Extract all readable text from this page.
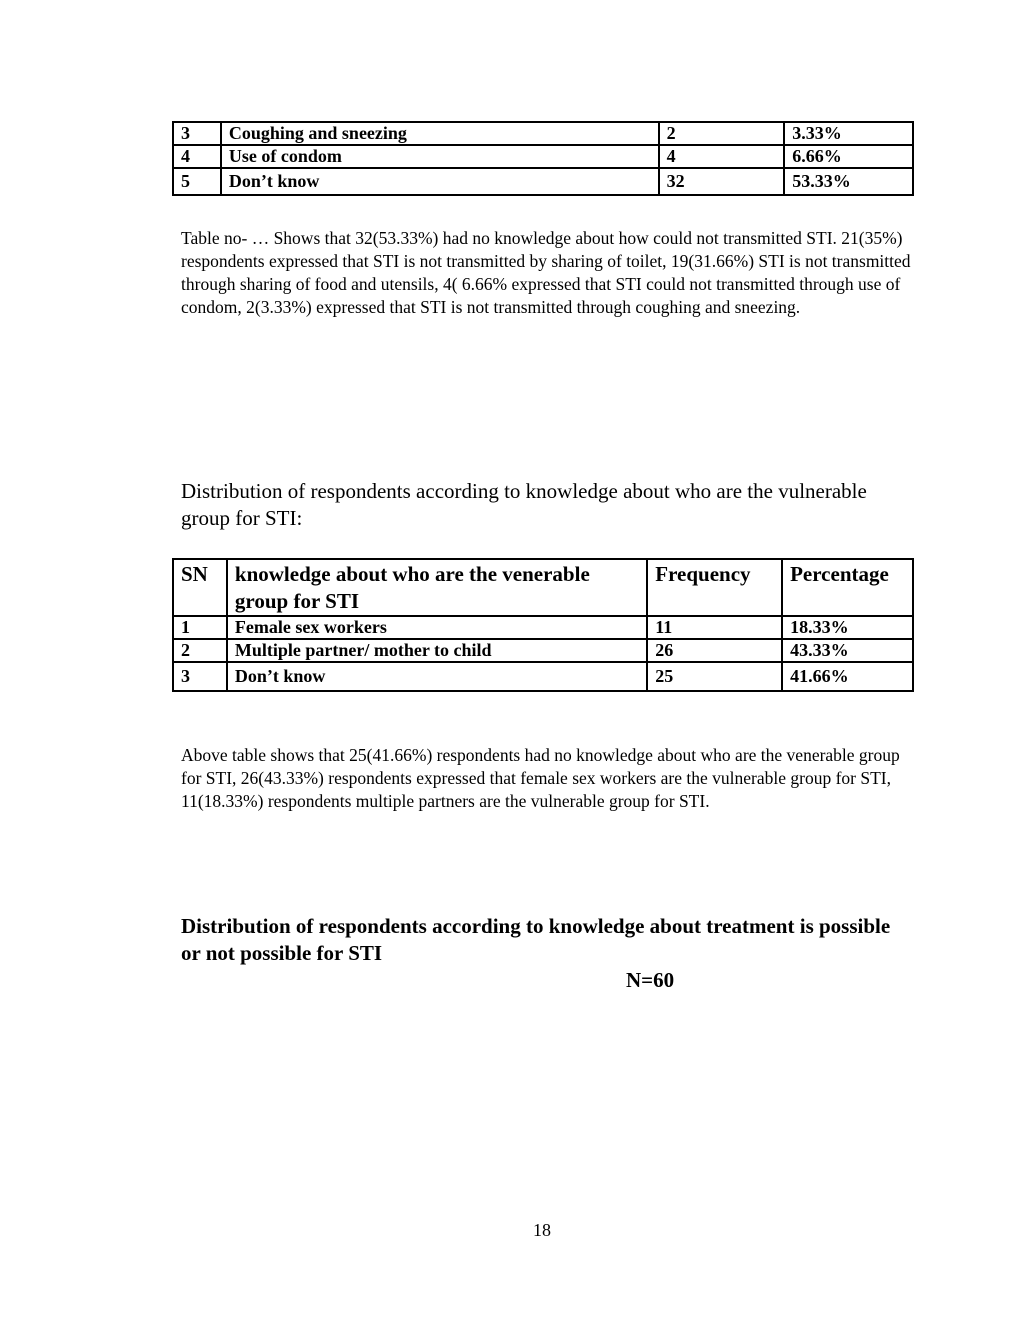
3	Coughing and sneezing	2	3.33%
4	Use of condom	4	6.66%
5	Don’t know	32	53.33%

Table no- … Shows that 32(53.33%) had no knowledge about how could not transmitted STI. 21(35%) respondents expressed that STI is not transmitted by sharing of toilet, 19(31.66%) STI is not transmitted through sharing of food and utensils, 4( 6.66% expressed that STI could not transmitted through use of condom, 2(3.33%) expressed that STI is not transmitted through coughing and sneezing.

Distribution of respondents according to knowledge about who are the vulnerable group for STI:
SN	knowledge about who are the venerable group for STI	Frequency	Percentage
1	Female sex workers	11	18.33%
2	Multiple partner/ mother to child	26	43.33%
3	Don’t know	25	41.66%

Above table shows that 25(41.66%) respondents had no knowledge about who are the venerable group for STI, 26(43.33%) respondents expressed that female sex workers are the vulnerable group for STI, 11(18.33%) respondents multiple partners are the vulnerable group for STI.

Distribution of respondents according to knowledge about treatment is possible or not possible for STI
N=60
18
